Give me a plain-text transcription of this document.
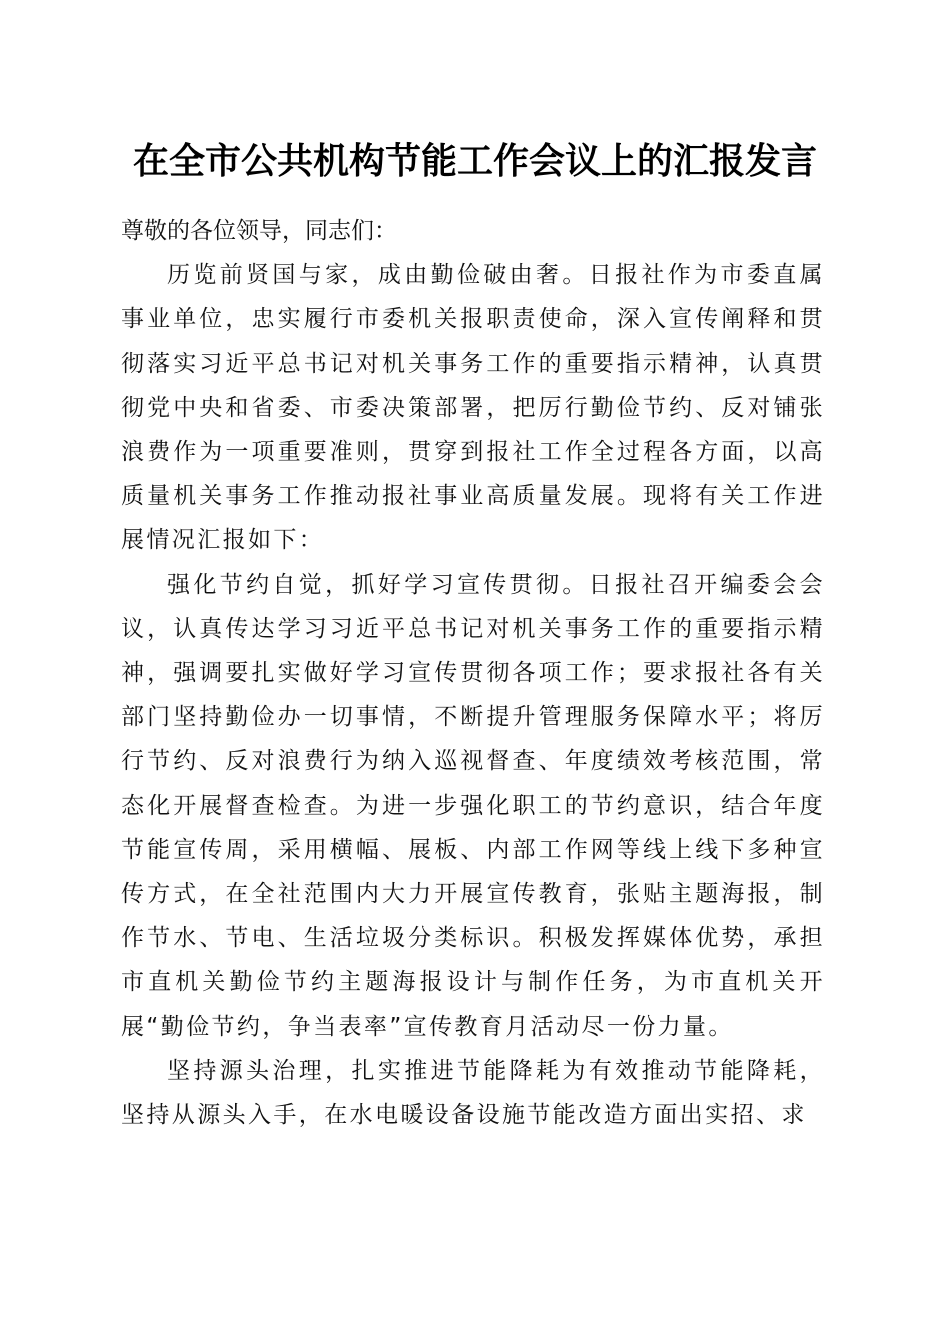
在全市公共机构节能工作会议上的汇报发言

尊敬的各位领导，同志们：

历览前贤国与家，成由勤俭破由奢。日报社作为市委直属事业单位，忠实履行市委机关报职责使命，深入宣传阐释和贯彻落实习近平总书记对机关事务工作的重要指示精神，认真贯彻党中央和省委、市委决策部署，把厉行勤俭节约、反对铺张浪费作为一项重要准则，贯穿到报社工作全过程各方面，以高质量机关事务工作推动报社事业高质量发展。现将有关工作进展情况汇报如下：

强化节约自觉，抓好学习宣传贯彻。日报社召开编委会会议，认真传达学习习近平总书记对机关事务工作的重要指示精神，强调要扎实做好学习宣传贯彻各项工作；要求报社各有关部门坚持勤俭办一切事情，不断提升管理服务保障水平；将厉行节约、反对浪费行为纳入巡视督查、年度绩效考核范围，常态化开展督查检查。为进一步强化职工的节约意识，结合年度节能宣传周，采用横幅、展板、内部工作网等线上线下多种宣传方式，在全社范围内大力开展宣传教育，张贴主题海报，制作节水、节电、生活垃圾分类标识。积极发挥媒体优势，承担市直机关勤俭节约主题海报设计与制作任务，为市直机关开展“勤俭节约，争当表率”宣传教育月活动尽一份力量。

坚持源头治理，扎实推进节能降耗为有效推动节能降耗，坚持从源头入手，在水电暖设备设施节能改造方面出实招、求
